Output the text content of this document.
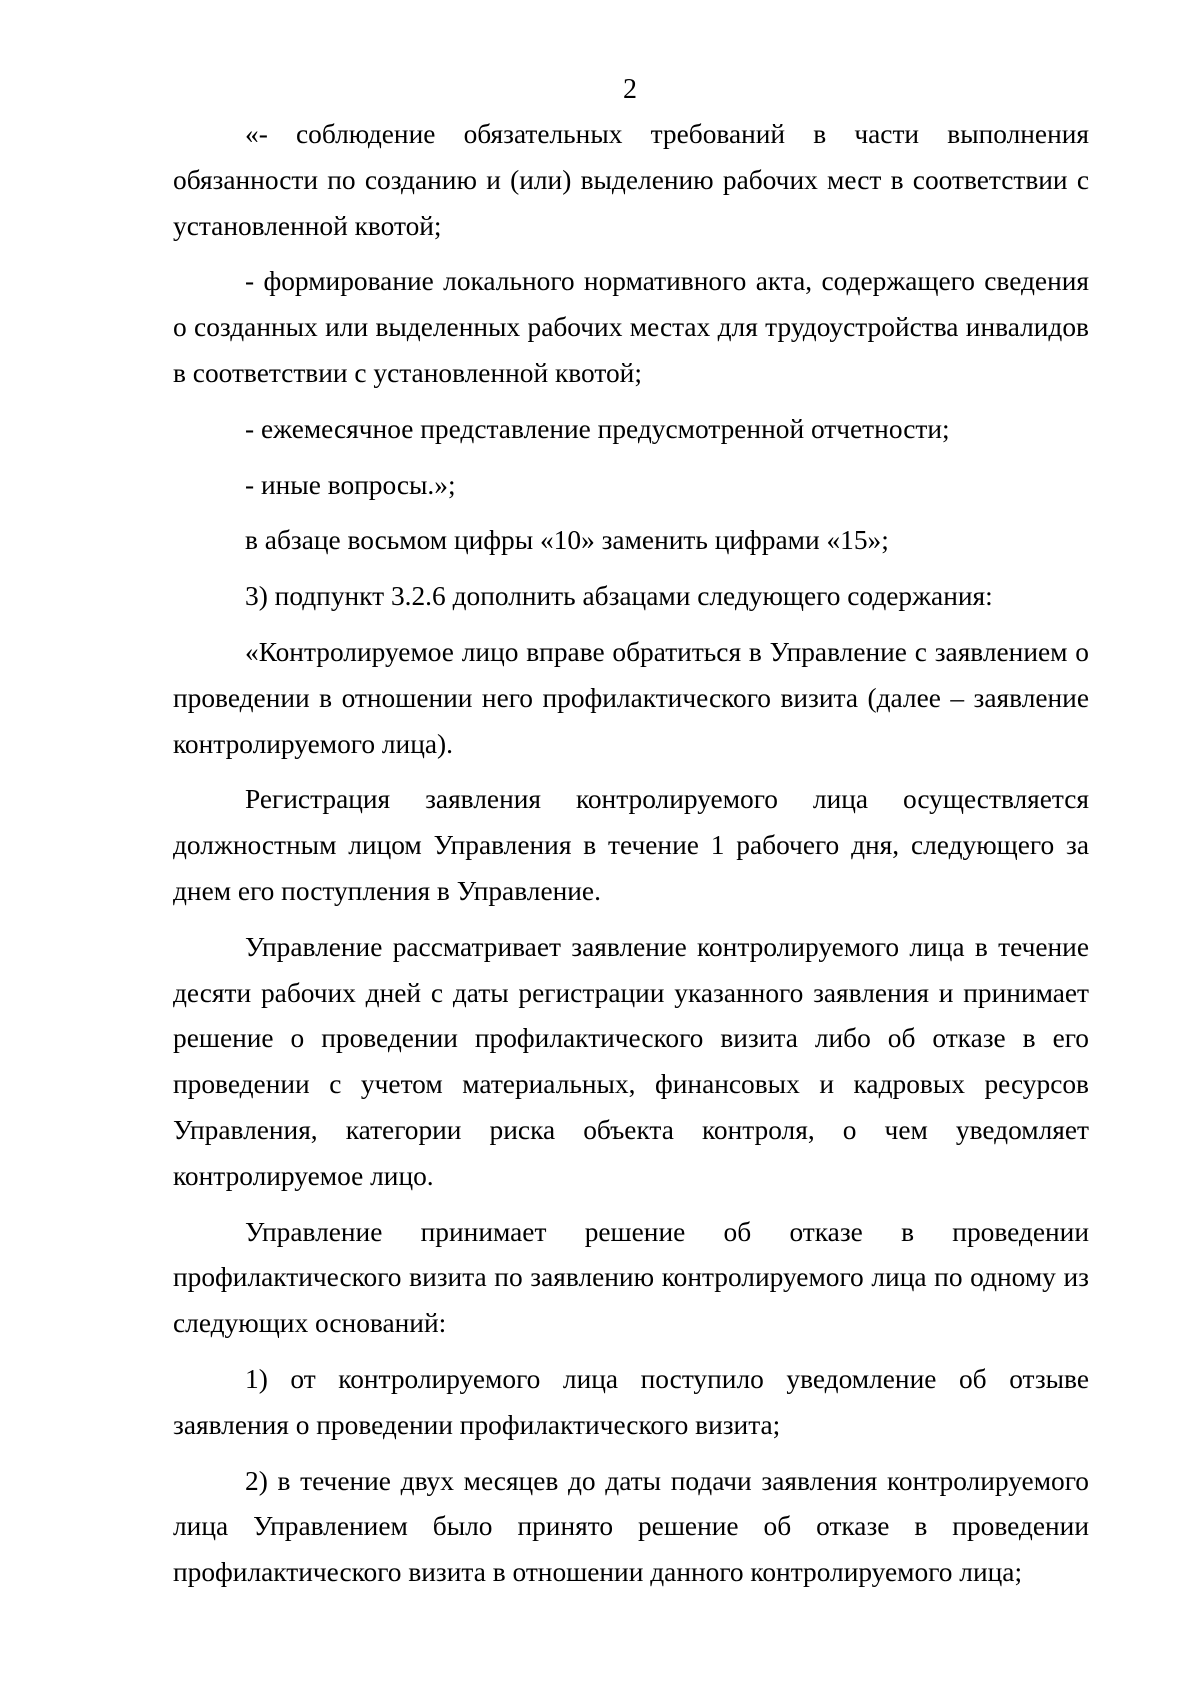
2

«- соблюдение обязательных требований в части выполнения обязанности по созданию и (или) выделению рабочих мест в соответствии с установленной квотой;

- формирование локального нормативного акта, содержащего сведения о созданных или выделенных рабочих местах для трудоустройства инвалидов в соответствии с установленной квотой;

- ежемесячное представление предусмотренной отчетности;

- иные вопросы.»;

в абзаце восьмом цифры «10» заменить цифрами «15»;

3) подпункт 3.2.6 дополнить абзацами следующего содержания:

«Контролируемое лицо вправе обратиться в Управление с заявлением о проведении в отношении него профилактического визита (далее – заявление контролируемого лица).

Регистрация заявления контролируемого лица осуществляется должностным лицом Управления в течение 1 рабочего дня, следующего за днем его поступления в Управление.

Управление рассматривает заявление контролируемого лица в течение десяти рабочих дней с даты регистрации указанного заявления и принимает решение о проведении профилактического визита либо об отказе в его проведении с учетом материальных, финансовых и кадровых ресурсов Управления, категории риска объекта контроля, о чем уведомляет контролируемое лицо.

Управление принимает решение об отказе в проведении профилактического визита по заявлению контролируемого лица по одному из следующих оснований:

1) от контролируемого лица поступило уведомление об отзыве заявления о проведении профилактического визита;

2) в течение двух месяцев до даты подачи заявления контролируемого лица Управлением было принято решение об отказе в проведении профилактического визита в отношении данного контролируемого лица;
